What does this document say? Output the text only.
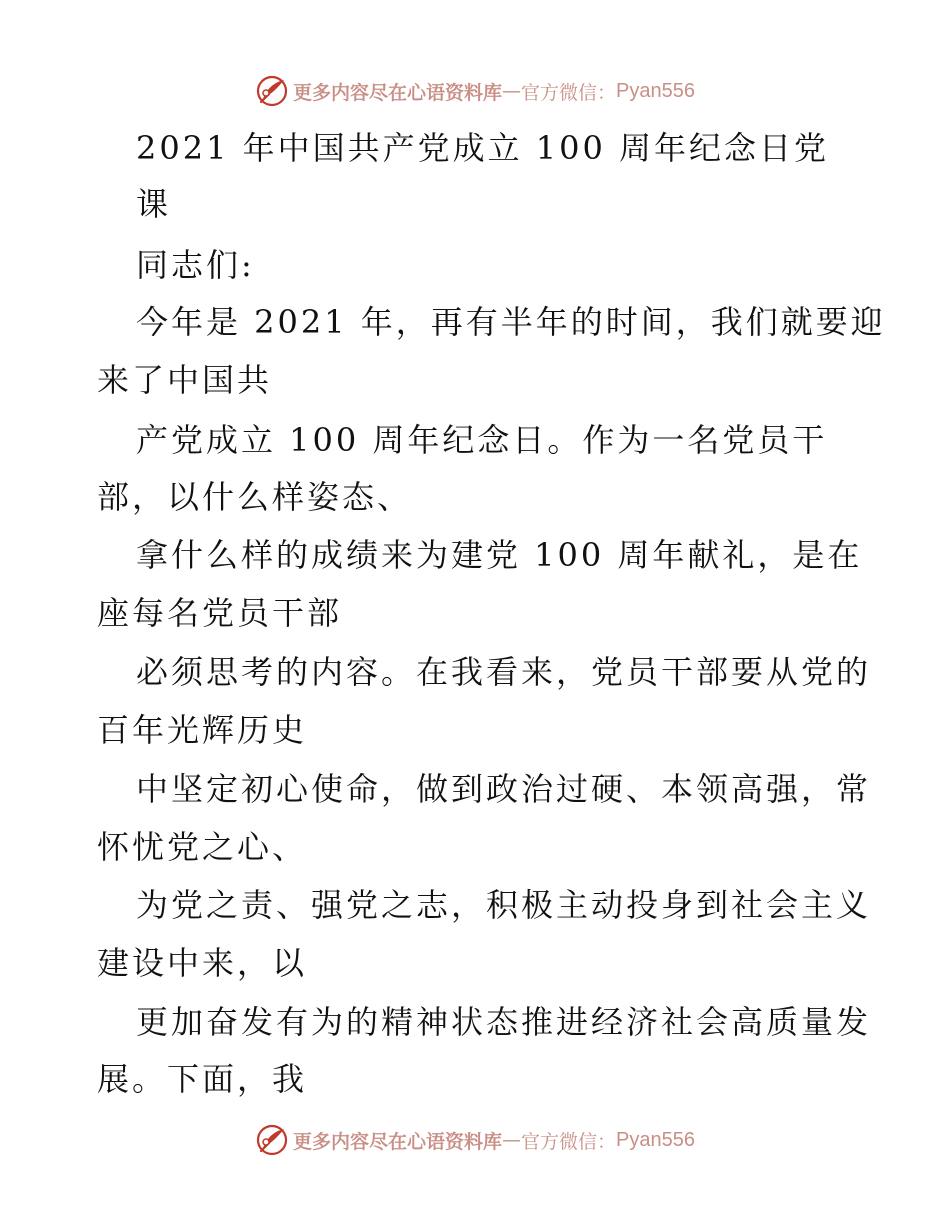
更多内容尽在心语资料库 — 官方微信： Pyan556
2021 年中国共产党成立 100 周年纪念日党
课
同志们:
今年是 2021 年，再有半年的时间，我们就要迎
来了中国共
产党成立 100 周年纪念日。作为一名党员干
部，以什么样姿态、
拿什么样的成绩来为建党 100 周年献礼，是在
座每名党员干部
必须思考的内容。在我看来，党员干部要从党的
百年光辉历史
中坚定初心使命，做到政治过硬、本领高强，常
怀忧党之心、
为党之责、强党之志，积极主动投身到社会主义
建设中来，以
更加奋发有为的精神状态推进经济社会高质量发
展。下面，我
更多内容尽在心语资料库 — 官方微信： Pyan556
